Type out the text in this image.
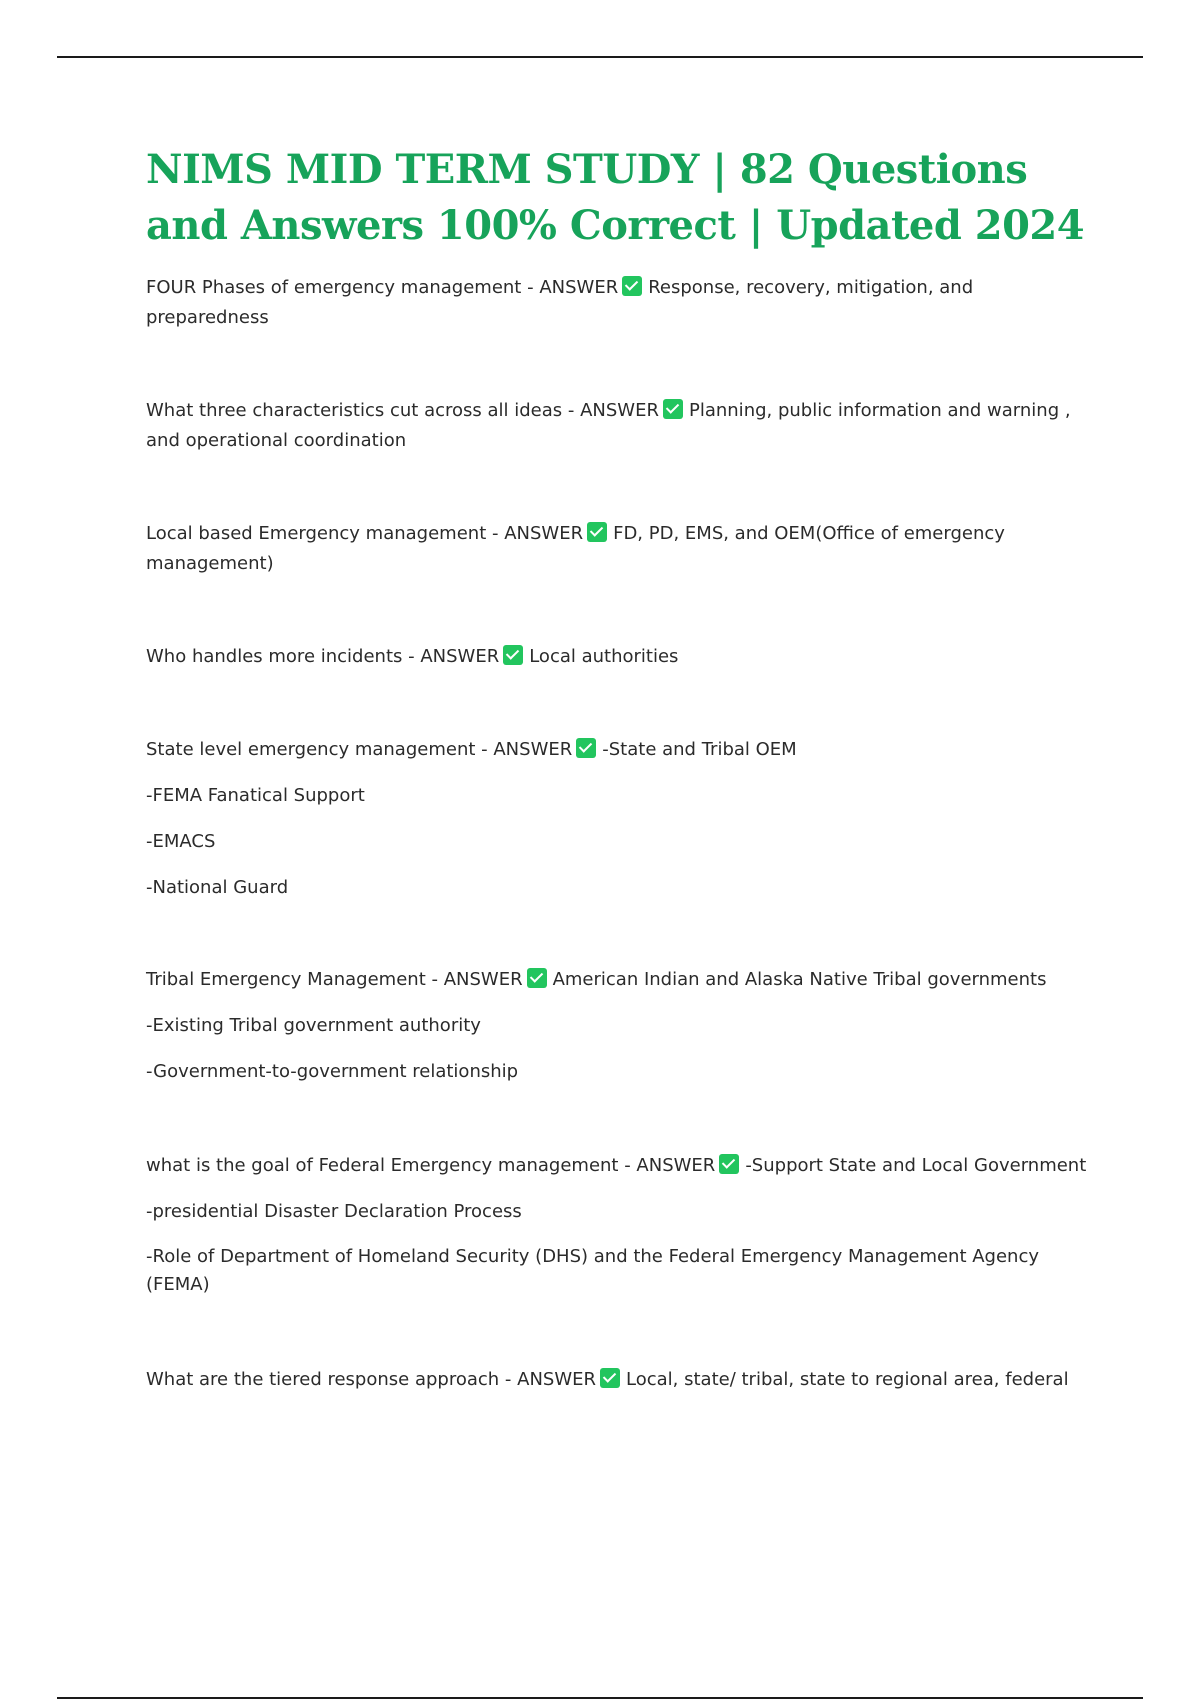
NIMS MID TERM STUDY | 82 Questions and Answers 100% Correct | Updated 2024

FOUR Phases of emergency management - ANSWER Response, recovery, mitigation, and preparedness

What three characteristics cut across all ideas - ANSWER Planning, public information and warning , and operational coordination

Local based Emergency management - ANSWER FD, PD, EMS, and OEM(Office of emergency management)

Who handles more incidents - ANSWER Local authorities

State level emergency management - ANSWER -State and Tribal OEM

-FEMA Fanatical Support

-EMACS

-National Guard

Tribal Emergency Management - ANSWER American Indian and Alaska Native Tribal governments

-Existing Tribal government authority

-Government-to-government relationship

what is the goal of Federal Emergency management - ANSWER -Support State and Local Government

-presidential Disaster Declaration Process

-Role of Department of Homeland Security (DHS) and the Federal Emergency Management Agency (FEMA)

What are the tiered response approach - ANSWER Local, state/ tribal, state to regional area, federal
